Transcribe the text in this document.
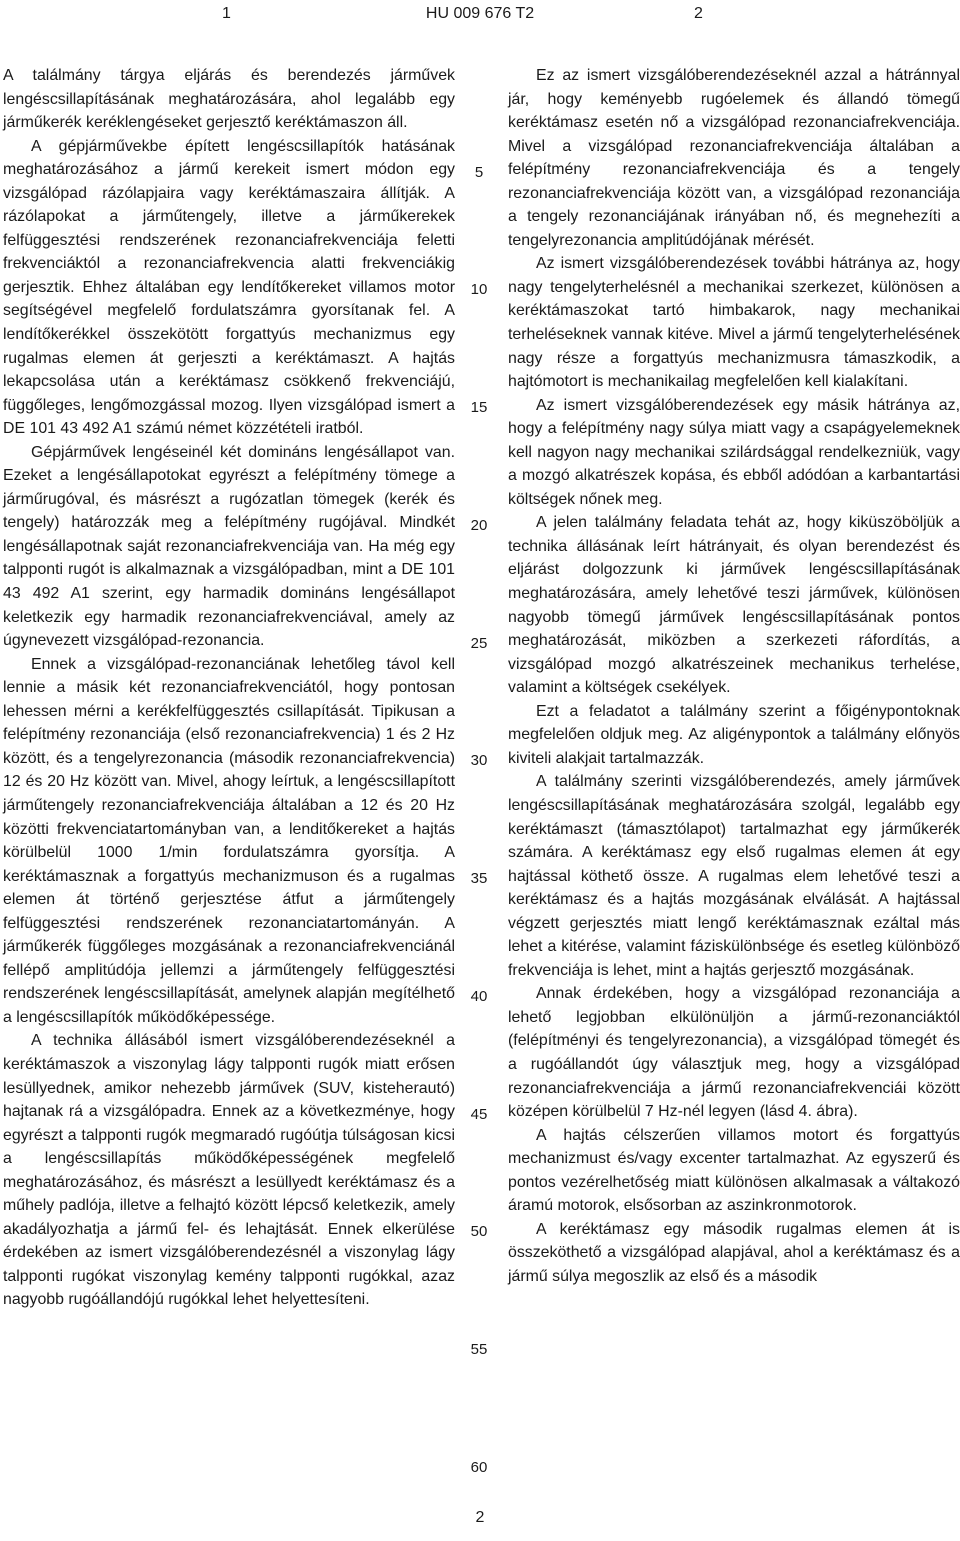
1	HU 009 676 T2	2

A találmány tárgya eljárás és berendezés járművek lengéscsillapításának meghatározására, ahol legalább egy járműkerék keréklengéseket gerjesztő keréktámaszon áll.

A gépjárművekbe épített lengéscsillapítók hatásának meghatározásához a jármű kerekeit ismert módon egy vizsgálópad rázólapjaira vagy keréktámaszaira állítják. A rázólapokat a járműtengely, illetve a járműkerekek felfüggesztési rendszerének rezonanciafrekvenciája feletti frekvenciáktól a rezonanciafrekvencia alatti frekvenciákig gerjesztik. Ehhez általában egy lendítőkereket villamos motor segítségével megfelelő fordulatszámra gyorsítanak fel. A lendítőkerékkel összekötött forgattyús mechanizmus egy rugalmas elemen át gerjeszti a keréktámaszt. A hajtás lekapcsolása után a keréktámasz csökkenő frekvenciájú, függőleges, lengőmozgással mozog. Ilyen vizsgálópad ismert a DE 101 43 492 A1 számú német közzétételi iratból.

Gépjárművek lengéseinél két domináns lengésállapot van. Ezeket a lengésállapotokat egyrészt a felépítmény tömege a járműrugóval, és másrészt a rugózatlan tömegek (kerék és tengely) határozzák meg a felépítmény rugójával. Mindkét lengésállapotnak saját rezonanciafrekvenciája van. Ha még egy talpponti rugót is alkalmaznak a vizsgálópadban, mint a DE 101 43 492 A1 szerint, egy harmadik domináns lengésállapot keletkezik egy harmadik rezonanciafrekvenciával, amely az úgynevezett vizsgálópad-rezonancia.

Ennek a vizsgálópad-rezonanciának lehetőleg távol kell lennie a másik két rezonanciafrekvenciától, hogy pontosan lehessen mérni a kerékfelfüggesztés csillapítását. Tipikusan a felépítmény rezonanciája (első rezonanciafrekvencia) 1 és 2 Hz között, és a tengelyrezonancia (második rezonanciafrekvencia) 12 és 20 Hz között van. Mivel, ahogy leírtuk, a lengéscsillapított járműtengely rezonanciafrekvenciája általában a 12 és 20 Hz közötti frekvenciatartományban van, a lenditőkereket a hajtás körülbelül 1000 1/min fordulatszámra gyorsítja. A keréktámasznak a forgattyús mechanizmuson és a rugalmas elemen át történő gerjesztése átfut a járműtengely felfüggesztési rendszerének rezonanciatartományán. A járműkerék függőleges mozgásának a rezonanciafrekvenciánál fellépő amplitúdója jellemzi a járműtengely felfüggesztési rendszerének lengéscsillapítását, amelynek alapján megítélhető a lengéscsillapítók működőképessége.

A technika állásából ismert vizsgálóberendezéseknél a keréktámaszok a viszonylag lágy talpponti rugók miatt erősen lesüllyednek, amikor nehezebb járművek (SUV, kisteherautó) hajtanak rá a vizsgálópadra. Ennek az a következménye, hogy egyrészt a talpponti rugók megmaradó rugóútja túlságosan kicsi a lengéscsillapítás működőképességének megfelelő meghatározásához, és másrészt a lesüllyedt keréktámasz és a műhely padlója, illetve a felhajtó között lépcső keletkezik, amely akadályozhatja a jármű fel- és lehajtását. Ennek elkerülése érdekében az ismert vizsgálóberendezésnél a viszonylag lágy talpponti rugókat viszonylag kemény talpponti rugókkal, azaz nagyobb rugóállandójú rugókkal lehet helyettesíteni.

Ez az ismert vizsgálóberendezéseknél azzal a hátránnyal jár, hogy keményebb rugóelemek és állandó tömegű keréktámasz esetén nő a vizsgálópad rezonanciafrekvenciája. Mivel a vizsgálópad rezonanciafrekvenciája általában a felépítmény rezonanciafrekvenciája és a tengely rezonanciafrekvenciája között van, a vizsgálópad rezonanciája a tengely rezonanciájának irányában nő, és megnehezíti a tengelyrezonancia amplitúdójának mérését.

Az ismert vizsgálóberendezések további hátránya az, hogy nagy tengelyterhelésnél a mechanikai szerkezet, különösen a keréktámaszokat tartó himbakarok, nagy mechanikai terheléseknek vannak kitéve. Mivel a jármű tengelyterhelésének nagy része a forgattyús mechanizmusra támaszkodik, a hajtómotort is mechanikailag megfelelően kell kialakítani.

Az ismert vizsgálóberendezések egy másik hátránya az, hogy a felépítmény nagy súlya miatt vagy a csapágyelemeknek kell nagyon nagy mechanikai szilárdsággal rendelkezniük, vagy a mozgó alkatrészek kopása, és ebből adódóan a karbantartási költségek nőnek meg.

A jelen találmány feladata tehát az, hogy kiküszöböljük a technika állásának leírt hátrányait, és olyan berendezést és eljárást dolgozzunk ki járművek lengéscsillapításának meghatározására, amely lehetővé teszi járművek, különösen nagyobb tömegű járművek lengéscsillapításának pontos meghatározását, miközben a szerkezeti ráfordítás, a vizsgálópad mozgó alkatrészeinek mechanikus terhelése, valamint a költségek csekélyek.

Ezt a feladatot a találmány szerint a főigénypontoknak megfelelően oldjuk meg. Az aligénypontok a találmány előnyös kiviteli alakjait tartalmazzák.

A találmány szerinti vizsgálóberendezés, amely járművek lengéscsillapításának meghatározására szolgál, legalább egy keréktámaszt (támasztólapot) tartalmazhat egy járműkerék számára. A keréktámasz egy első rugalmas elemen át egy hajtással köthető össze. A rugalmas elem lehetővé teszi a keréktámasz és a hajtás mozgásának elválását. A hajtással végzett gerjesztés miatt lengő keréktámasznak ezáltal más lehet a kitérése, valamint fáziskülönbsége és esetleg különböző frekvenciája is lehet, mint a hajtás gerjesztő mozgásának.

Annak érdekében, hogy a vizsgálópad rezonanciája a lehető legjobban elkülönüljön a jármű-rezonanciáktól (felépítményi és tengelyrezonancia), a vizsgálópad tömegét és a rugóállandót úgy választjuk meg, hogy a vizsgálópad rezonanciafrekvenciája a jármű rezonanciafrekvenciái között középen körülbelül 7 Hz-nél legyen (lásd 4. ábra).

A hajtás célszerűen villamos motort és forgattyús mechanizmust és/vagy excenter tartalmazhat. Az egyszerű és pontos vezérelhetőség miatt különösen alkalmasak a váltakozó áramú motorok, elsősorban az aszinkronmotorok.

A keréktámasz egy második rugalmas elemen át is összeköthető a vizsgálópad alapjával, ahol a keréktámasz és a jármű súlya megoszlik az első és a második

5
10
15
20
25
30
35
40
45
50
55
60
2
